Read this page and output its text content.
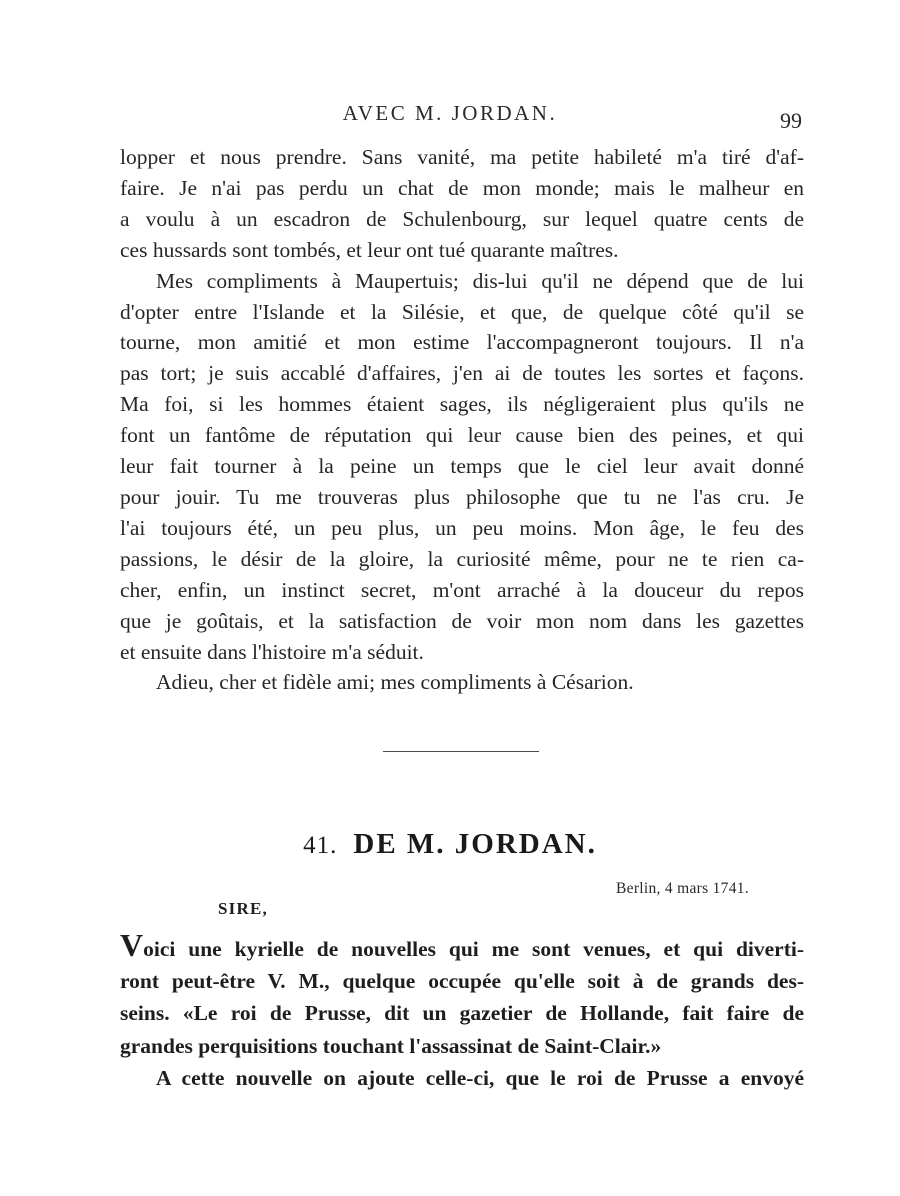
AVEC M. JORDAN.	99

lopper et nous prendre. Sans vanité, ma petite habileté m'a tiré d'af-

faire. Je n'ai pas perdu un chat de mon monde; mais le malheur en

a voulu à un escadron de Schulenbourg, sur lequel quatre cents de

ces hussards sont tombés, et leur ont tué quarante maîtres.

Mes compliments à Maupertuis; dis-lui qu'il ne dépend que de lui

d'opter entre l'Islande et la Silésie, et que, de quelque côté qu'il se

tourne, mon amitié et mon estime l'accompagneront toujours. Il n'a

pas tort; je suis accablé d'affaires, j'en ai de toutes les sortes et façons.

Ma foi, si les hommes étaient sages, ils négligeraient plus qu'ils ne

font un fantôme de réputation qui leur cause bien des peines, et qui

leur fait tourner à la peine un temps que le ciel leur avait donné

pour jouir. Tu me trouveras plus philosophe que tu ne l'as cru. Je

l'ai toujours été, un peu plus, un peu moins. Mon âge, le feu des

passions, le désir de la gloire, la curiosité même, pour ne te rien ca-

cher, enfin, un instinct secret, m'ont arraché à la douceur du repos

que je goûtais, et la satisfaction de voir mon nom dans les gazettes

et ensuite dans l'histoire m'a séduit.

Adieu, cher et fidèle ami; mes compliments à Césarion.

41. DE M. JORDAN.
Berlin, 4 mars 1741.
SIRE,

Voici une kyrielle de nouvelles qui me sont venues, et qui diverti-

ront peut-être V. M., quelque occupée qu'elle soit à de grands des-

seins. «Le roi de Prusse, dit un gazetier de Hollande, fait faire de

grandes perquisitions touchant l'assassinat de Saint-Clair.»

A cette nouvelle on ajoute celle-ci, que le roi de Prusse a envoyé
